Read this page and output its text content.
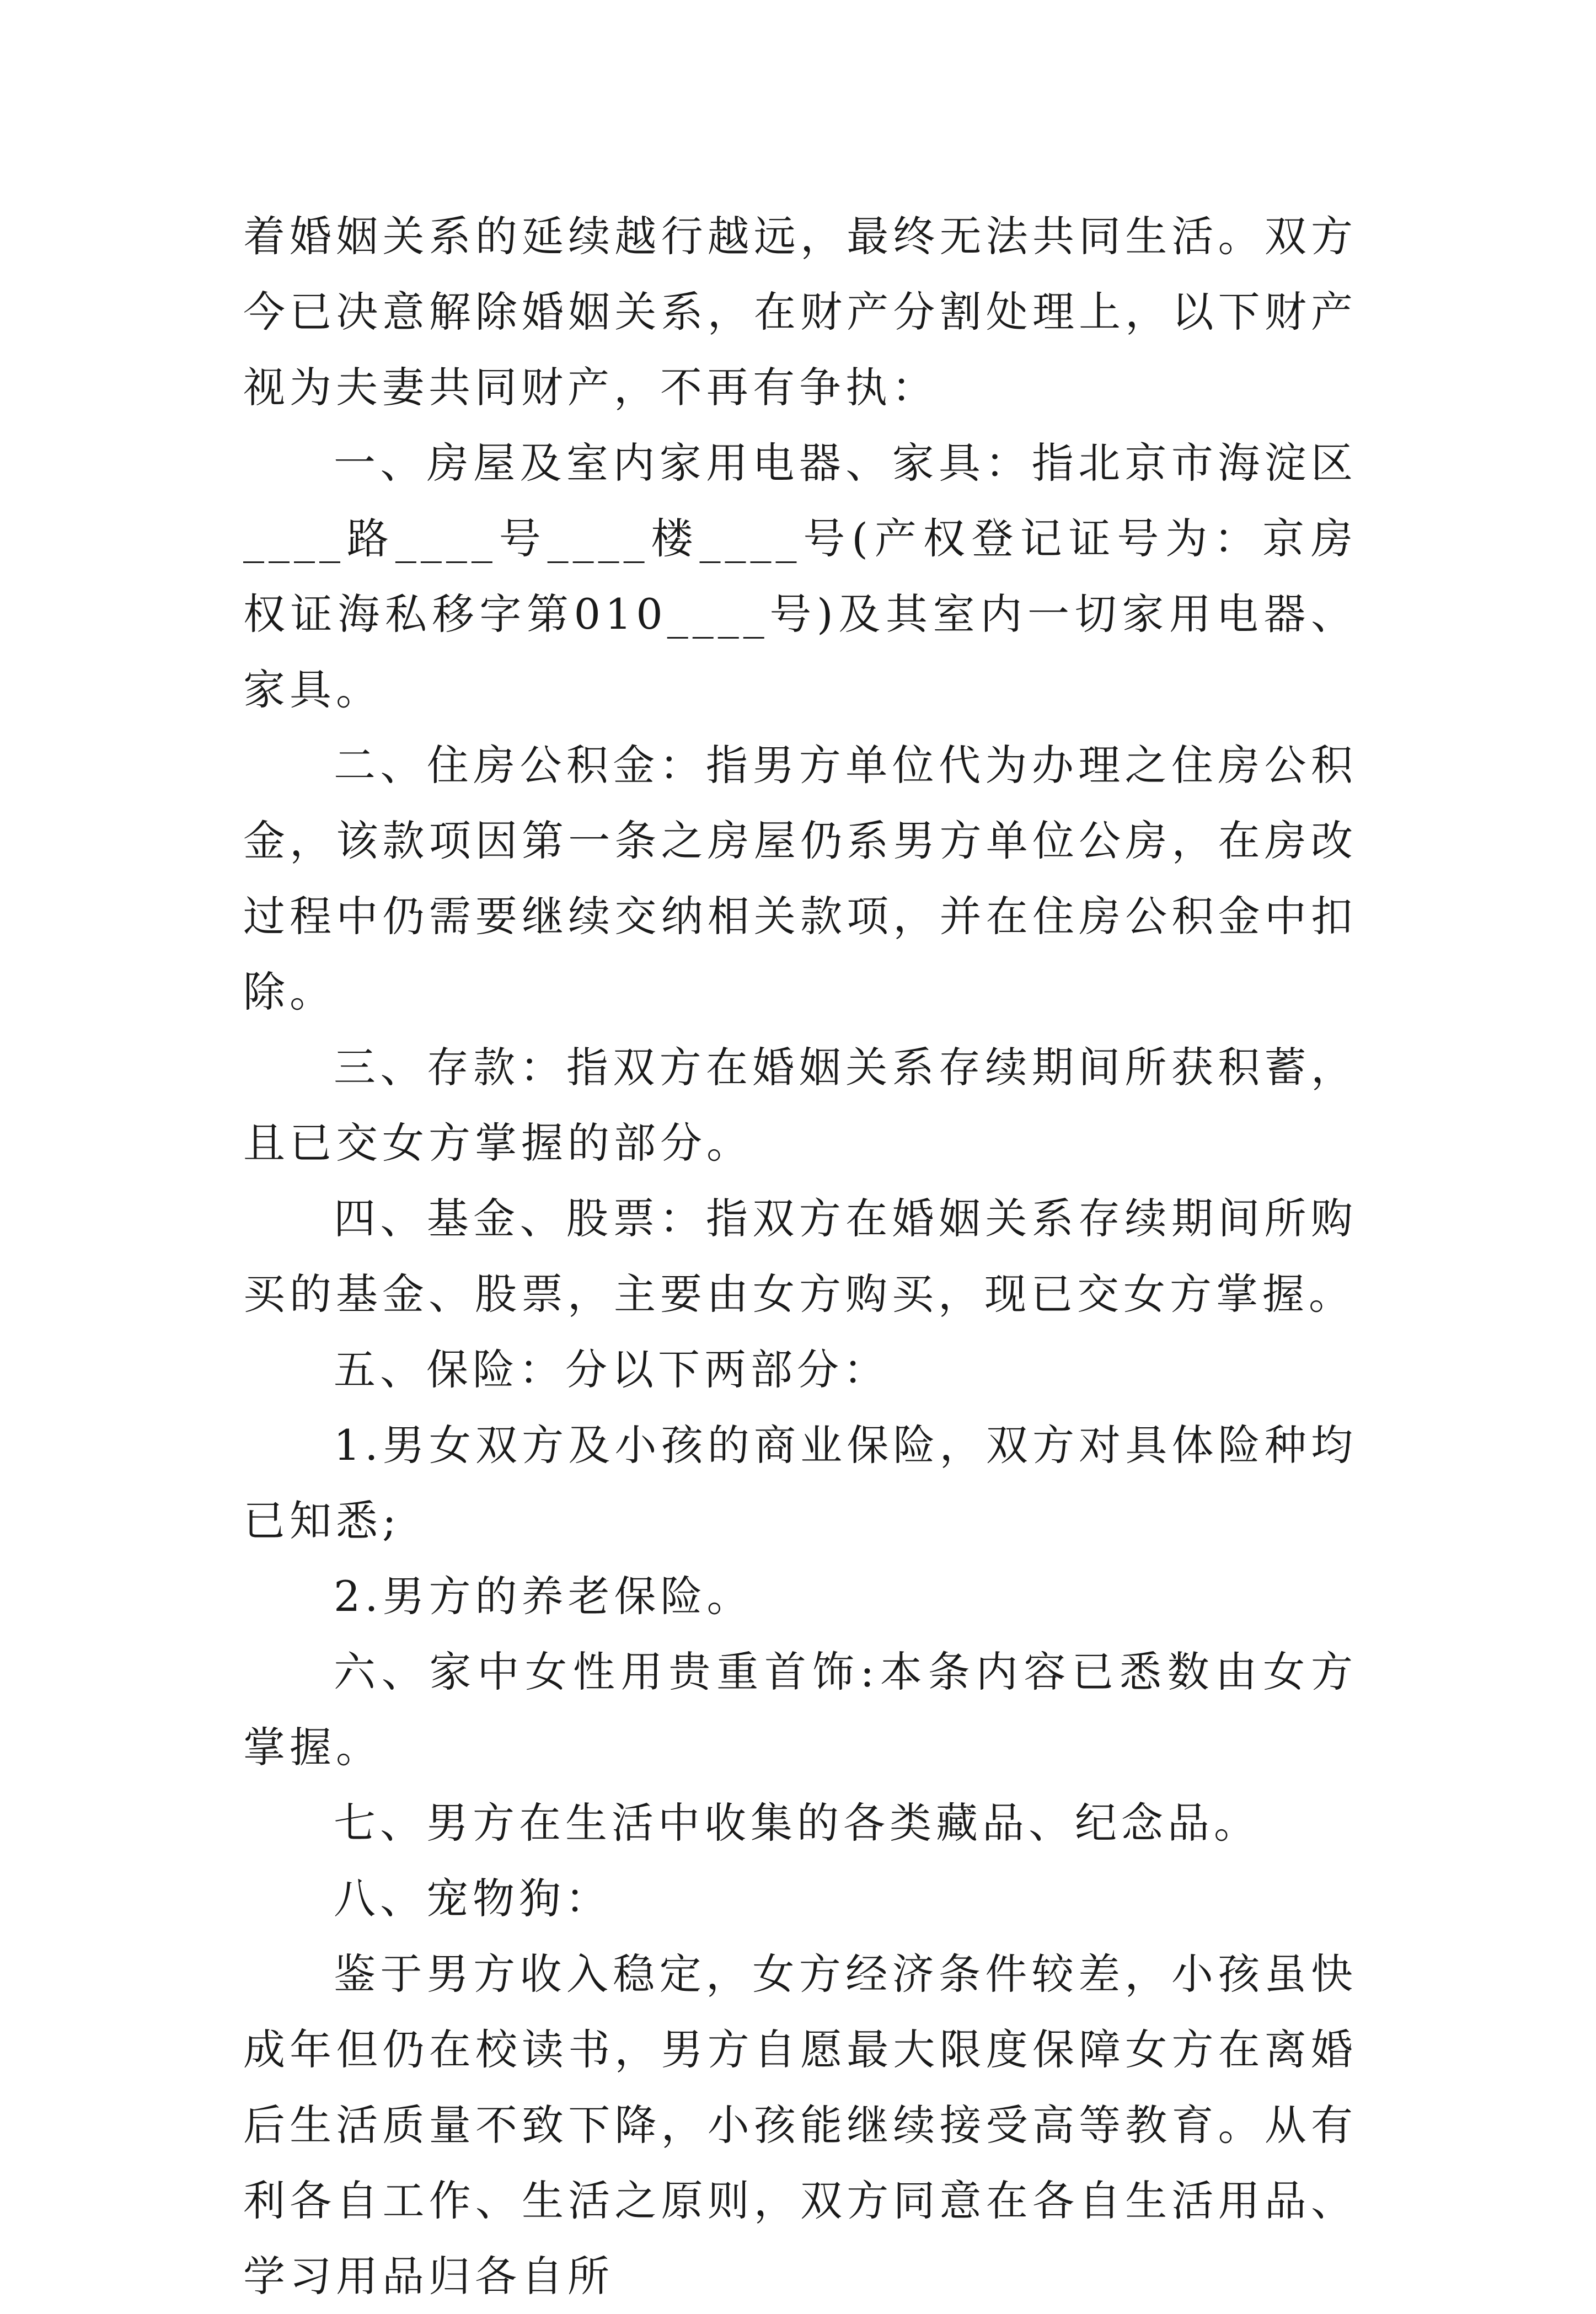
着婚姻关系的延续越行越远，最终无法共同生活。双方今已决意解除婚姻关系，在财产分割处理上，以下财产视为夫妻共同财产，不再有争执：

一、房屋及室内家用电器、家具：指北京市海淀区____路____号____楼____号(产权登记证号为：京房权证海私移字第010____号)及其室内一切家用电器、家具。

二、住房公积金：指男方单位代为办理之住房公积金，该款项因第一条之房屋仍系男方单位公房，在房改过程中仍需要继续交纳相关款项，并在住房公积金中扣除。

三、存款：指双方在婚姻关系存续期间所获积蓄，且已交女方掌握的部分。

四、基金、股票：指双方在婚姻关系存续期间所购买的基金、股票，主要由女方购买，现已交女方掌握。

五、保险：分以下两部分：

1.男女双方及小孩的商业保险，双方对具体险种均已知悉;

2.男方的养老保险。

六、家中女性用贵重首饰:本条内容已悉数由女方掌握。

七、男方在生活中收集的各类藏品、纪念品。

八、宠物狗：

鉴于男方收入稳定，女方经济条件较差，小孩虽快成年但仍在校读书，男方自愿最大限度保障女方在离婚后生活质量不致下降，小孩能继续接受高等教育。从有利各自工作、生活之原则，双方同意在各自生活用品、学习用品归各自所
